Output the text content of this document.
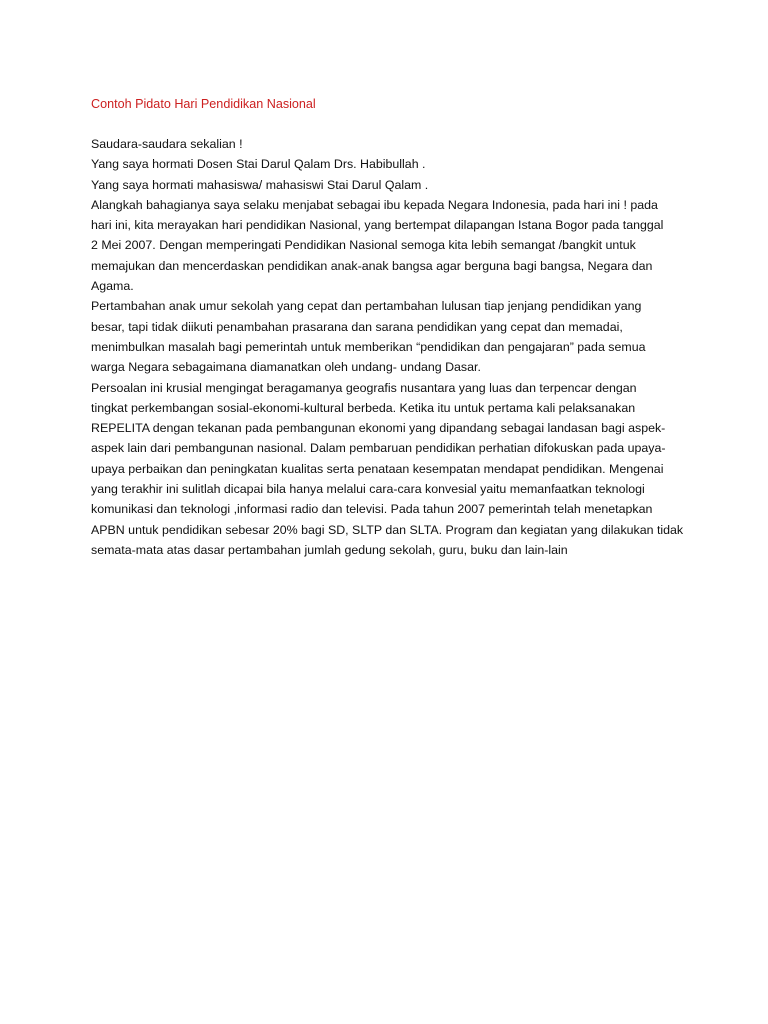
Contoh Pidato Hari Pendidikan Nasional
Saudara-saudara sekalian !
Yang saya hormati Dosen Stai Darul Qalam Drs. Habibullah .
Yang saya hormati mahasiswa/ mahasiswi Stai Darul Qalam .
Alangkah bahagianya saya selaku menjabat sebagai ibu kepada Negara Indonesia, pada hari ini ! pada
hari ini, kita merayakan hari pendidikan Nasional, yang bertempat dilapangan Istana Bogor pada tanggal
2 Mei 2007. Dengan memperingati Pendidikan Nasional semoga kita lebih semangat /bangkit untuk
memajukan dan mencerdaskan pendidikan anak-anak bangsa agar berguna bagi bangsa, Negara dan
Agama.
Pertambahan anak umur sekolah yang cepat dan pertambahan lulusan tiap jenjang pendidikan yang
besar, tapi tidak diikuti penambahan prasarana dan sarana pendidikan yang cepat dan memadai,
menimbulkan masalah bagi pemerintah untuk memberikan “pendidikan dan pengajaran” pada semua
warga Negara sebagaimana diamanatkan oleh undang- undang Dasar.
Persoalan ini krusial mengingat beragamanya geografis nusantara yang luas dan terpencar dengan
tingkat perkembangan sosial-ekonomi-kultural berbeda. Ketika itu untuk pertama kali pelaksanakan
REPELITA dengan tekanan pada pembangunan ekonomi yang dipandang sebagai landasan bagi aspek-
aspek lain dari pembangunan nasional. Dalam pembaruan pendidikan perhatian difokuskan pada upaya-
upaya perbaikan dan peningkatan kualitas serta penataan kesempatan mendapat pendidikan. Mengenai
yang terakhir ini sulitlah dicapai bila hanya melalui cara-cara konvesial yaitu memanfaatkan teknologi
komunikasi dan teknologi ,informasi radio dan televisi. Pada tahun 2007 pemerintah telah menetapkan
APBN untuk pendidikan sebesar 20% bagi SD, SLTP dan SLTA. Program dan kegiatan yang dilakukan tidak
semata-mata atas dasar pertambahan jumlah gedung sekolah, guru, buku dan lain-lain
